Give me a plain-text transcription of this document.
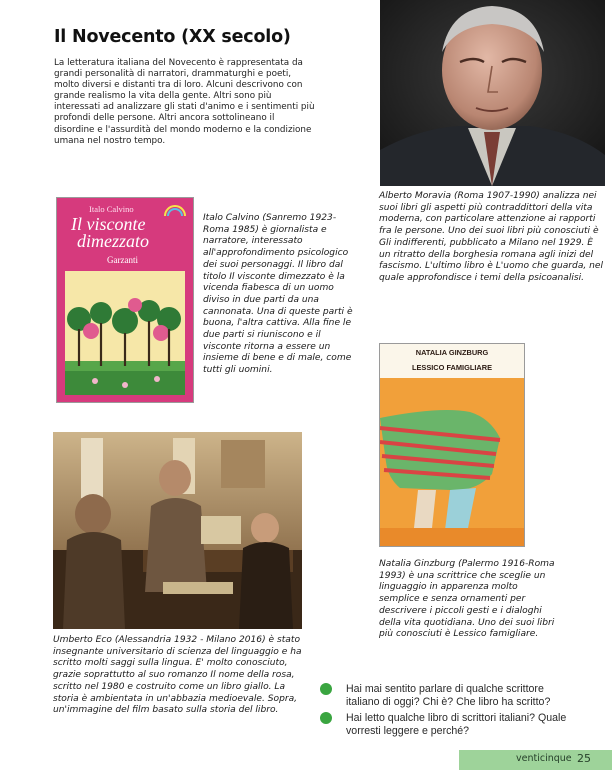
Il Novecento (XX secolo)
La letteratura italiana del Novecento è rappresentata da grandi personalità di narratori, drammaturghi e poeti, molto diversi e distanti tra di loro. Alcuni descrivono con grande realismo la vita della gente. Altri sono più interessati ad analizzare gli stati d'animo e i sentimenti più profondi delle persone. Altri ancora sottolineano il disordine e l'assurdità del mondo moderno e la condizione umana nel nostro tempo.
Alberto Moravia (Roma 1907-1990) analizza nei suoi libri gli aspetti più contraddittori della vita moderna, con particolare attenzione ai rapporti fra le persone. Uno dei suoi libri più conosciuti è Gli indifferenti, pubblicato a Milano nel 1929. È un ritratto della borghesia romana agli inizi del fascismo. L'ultimo libro è L'uomo che guarda, nel quale approfondisce i temi della psicoanalisi.
Italo Calvino
Il visconte
dimezzato
Garzanti
Italo Calvino (Sanremo 1923-Roma 1985) è giornalista e narratore, interessato all'approfondimento psicologico dei suoi personaggi. Il libro dal titolo Il visconte dimezzato è la vicenda fiabesca di un uomo diviso in due parti da una cannonata. Una di queste parti è buona, l'altra cattiva. Alla fine le due parti si riuniscono e il visconte ritorna a essere un insieme di bene e di male, come tutti gli uomini.
NATALIA GINZBURG
LESSICO FAMIGLIARE
Natalia Ginzburg (Palermo 1916-Roma 1993) è una scrittrice che sceglie un linguaggio in apparenza molto semplice e senza ornamenti per descrivere i piccoli gesti e i dialoghi della vita quotidiana. Uno dei suoi libri più conosciuti è Lessico famigliare.
Umberto Eco (Alessandria 1932 - Milano 2016) è stato insegnante universitario di scienza del linguaggio e ha scritto molti saggi sulla lingua. E' molto conosciuto, grazie soprattutto al suo romanzo Il nome della rosa, scritto nel 1980 e costruito come un libro giallo. La storia è ambientata in un'abbazia medioevale. Sopra, un'immagine del film basato sulla storia del libro.
Hai mai sentito parlare di qualche scrittore italiano di oggi? Chi è? Che libro ha scritto?
Hai letto qualche libro di scrittori italiani? Quale vorresti leggere e perché?
venticinque 25
